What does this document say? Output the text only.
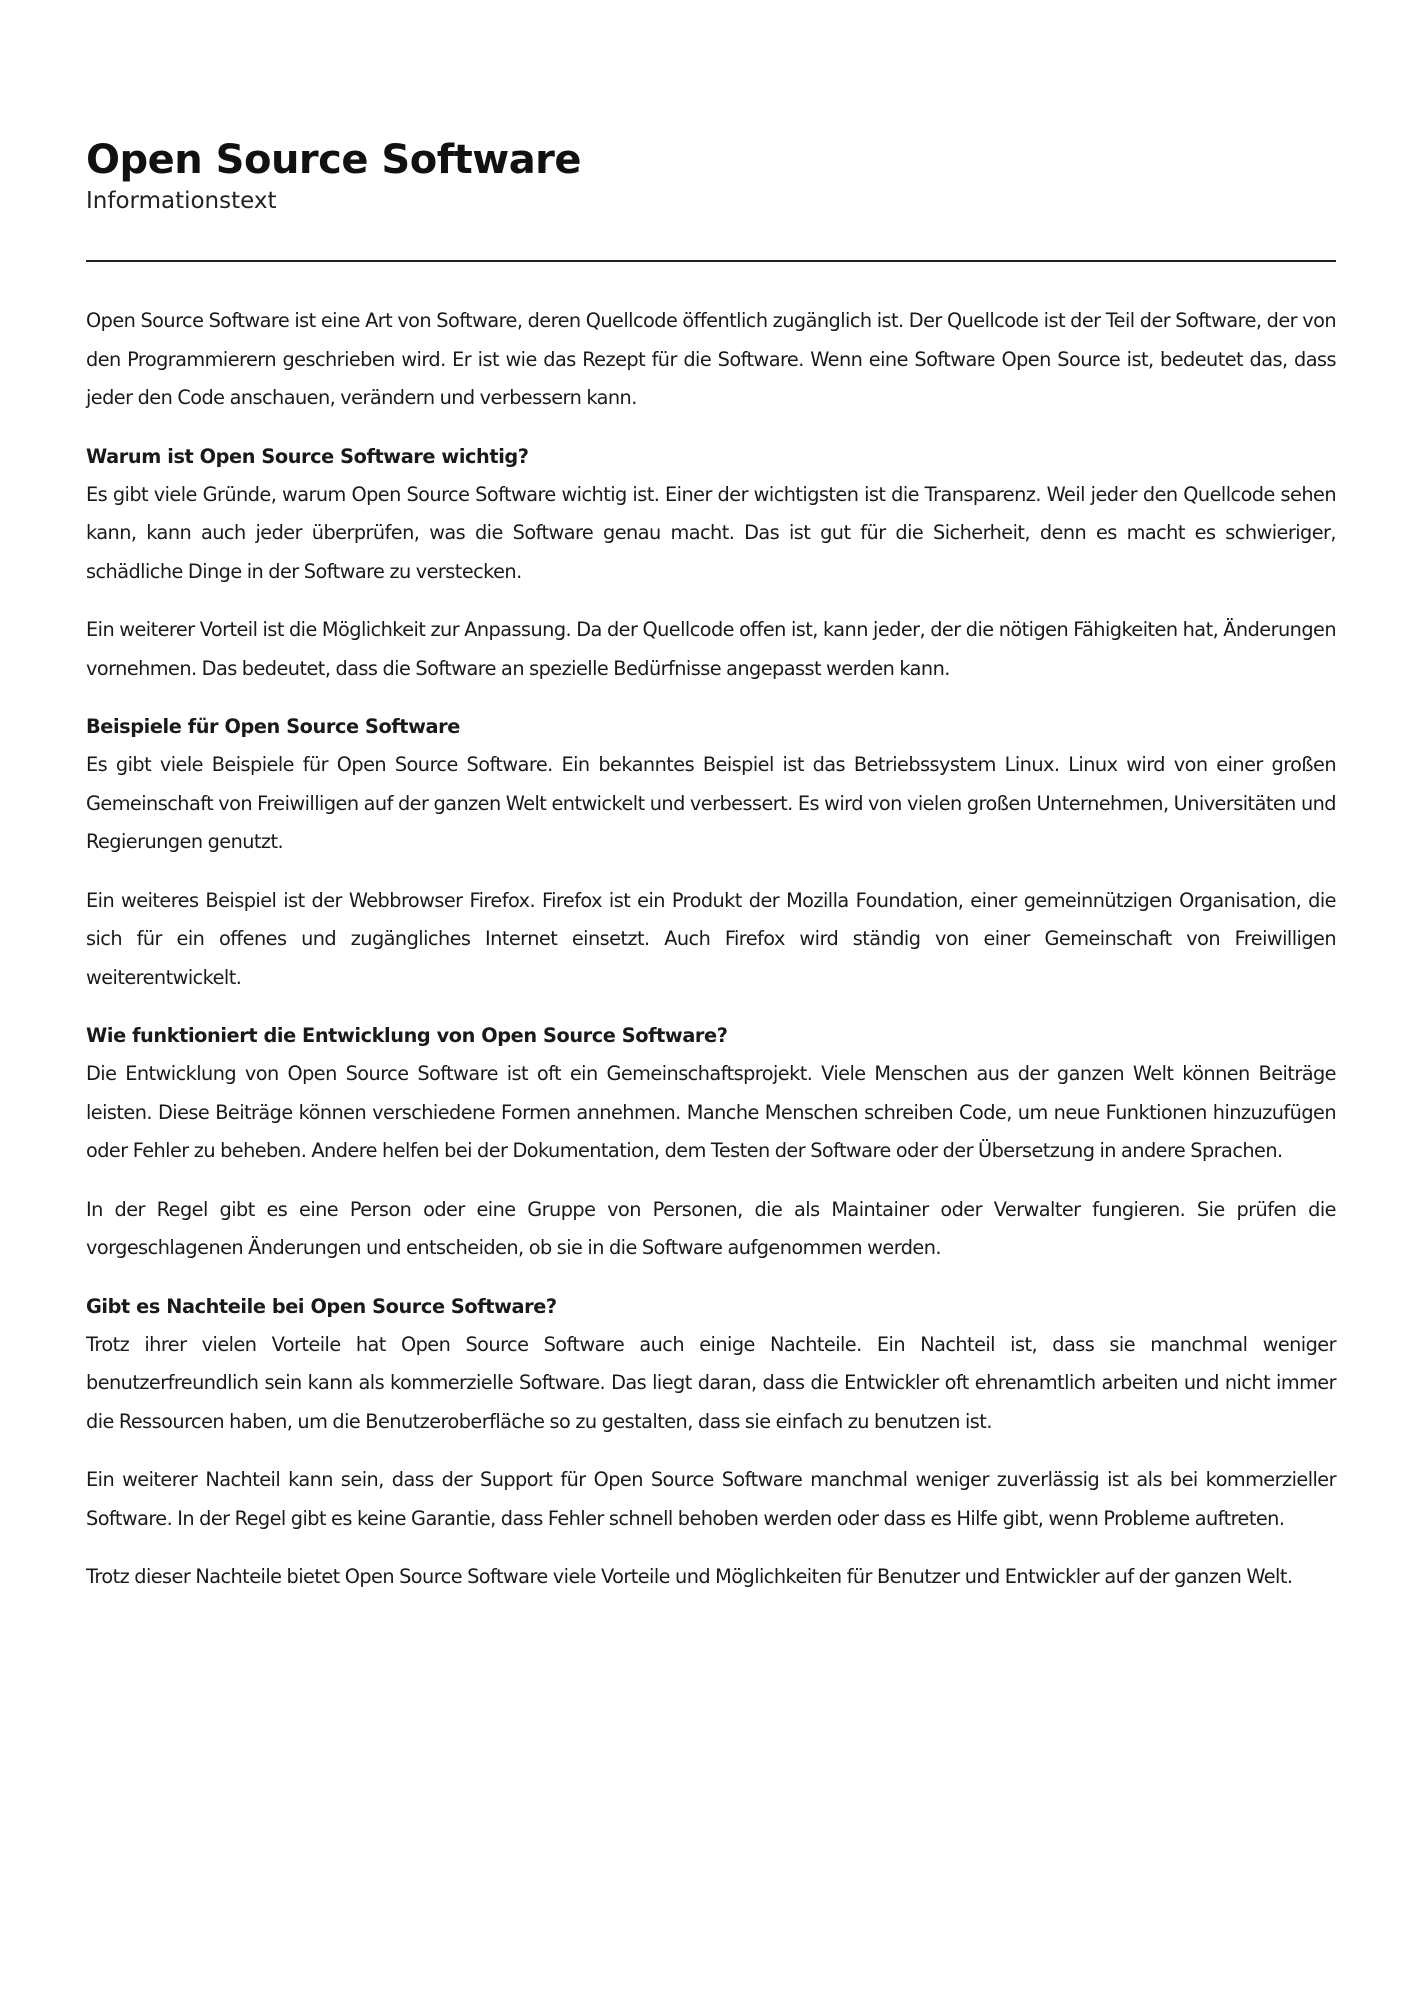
Open Source Software
Informationstext

Open Source Software ist eine Art von Software, deren Quellcode öffentlich zugänglich ist. Der Quellcode ist der Teil der Software, der von den Programmierern geschrieben wird. Er ist wie das Rezept für die Software. Wenn eine Software Open Source ist, bedeutet das, dass jeder den Code anschauen, verändern und verbessern kann.

Warum ist Open Source Software wichtig?

Es gibt viele Gründe, warum Open Source Software wichtig ist. Einer der wichtigsten ist die Transparenz. Weil jeder den Quellcode sehen kann, kann auch jeder überprüfen, was die Software genau macht. Das ist gut für die Sicherheit, denn es macht es schwieriger, schädliche Dinge in der Software zu verstecken.

Ein weiterer Vorteil ist die Möglichkeit zur Anpassung. Da der Quellcode offen ist, kann jeder, der die nötigen Fähigkeiten hat, Änderungen vornehmen. Das bedeutet, dass die Software an spezielle Bedürfnisse angepasst werden kann.

Beispiele für Open Source Software

Es gibt viele Beispiele für Open Source Software. Ein bekanntes Beispiel ist das Betriebssystem Linux. Linux wird von einer großen Gemeinschaft von Freiwilligen auf der ganzen Welt entwickelt und verbessert. Es wird von vielen großen Unternehmen, Universitäten und Regierungen genutzt.

Ein weiteres Beispiel ist der Webbrowser Firefox. Firefox ist ein Produkt der Mozilla Foundation, einer gemeinnützigen Organisation, die sich für ein offenes und zugängliches Internet einsetzt. Auch Firefox wird ständig von einer Gemeinschaft von Freiwilligen weiterentwickelt.

Wie funktioniert die Entwicklung von Open Source Software?

Die Entwicklung von Open Source Software ist oft ein Gemeinschaftsprojekt. Viele Menschen aus der ganzen Welt können Beiträge leisten. Diese Beiträge können verschiedene Formen annehmen. Manche Menschen schreiben Code, um neue Funktionen hinzuzufügen oder Fehler zu beheben. Andere helfen bei der Dokumentation, dem Testen der Software oder der Übersetzung in andere Sprachen.

In der Regel gibt es eine Person oder eine Gruppe von Personen, die als Maintainer oder Verwalter fungieren. Sie prüfen die vorgeschlagenen Änderungen und entscheiden, ob sie in die Software aufgenommen werden.

Gibt es Nachteile bei Open Source Software?

Trotz ihrer vielen Vorteile hat Open Source Software auch einige Nachteile. Ein Nachteil ist, dass sie manchmal weniger benutzerfreundlich sein kann als kommerzielle Software. Das liegt daran, dass die Entwickler oft ehrenamtlich arbeiten und nicht immer die Ressourcen haben, um die Benutzeroberfläche so zu gestalten, dass sie einfach zu benutzen ist.

Ein weiterer Nachteil kann sein, dass der Support für Open Source Software manchmal weniger zuverlässig ist als bei kommerzieller Software. In der Regel gibt es keine Garantie, dass Fehler schnell behoben werden oder dass es Hilfe gibt, wenn Probleme auftreten.

Trotz dieser Nachteile bietet Open Source Software viele Vorteile und Möglichkeiten für Benutzer und Entwickler auf der ganzen Welt.
